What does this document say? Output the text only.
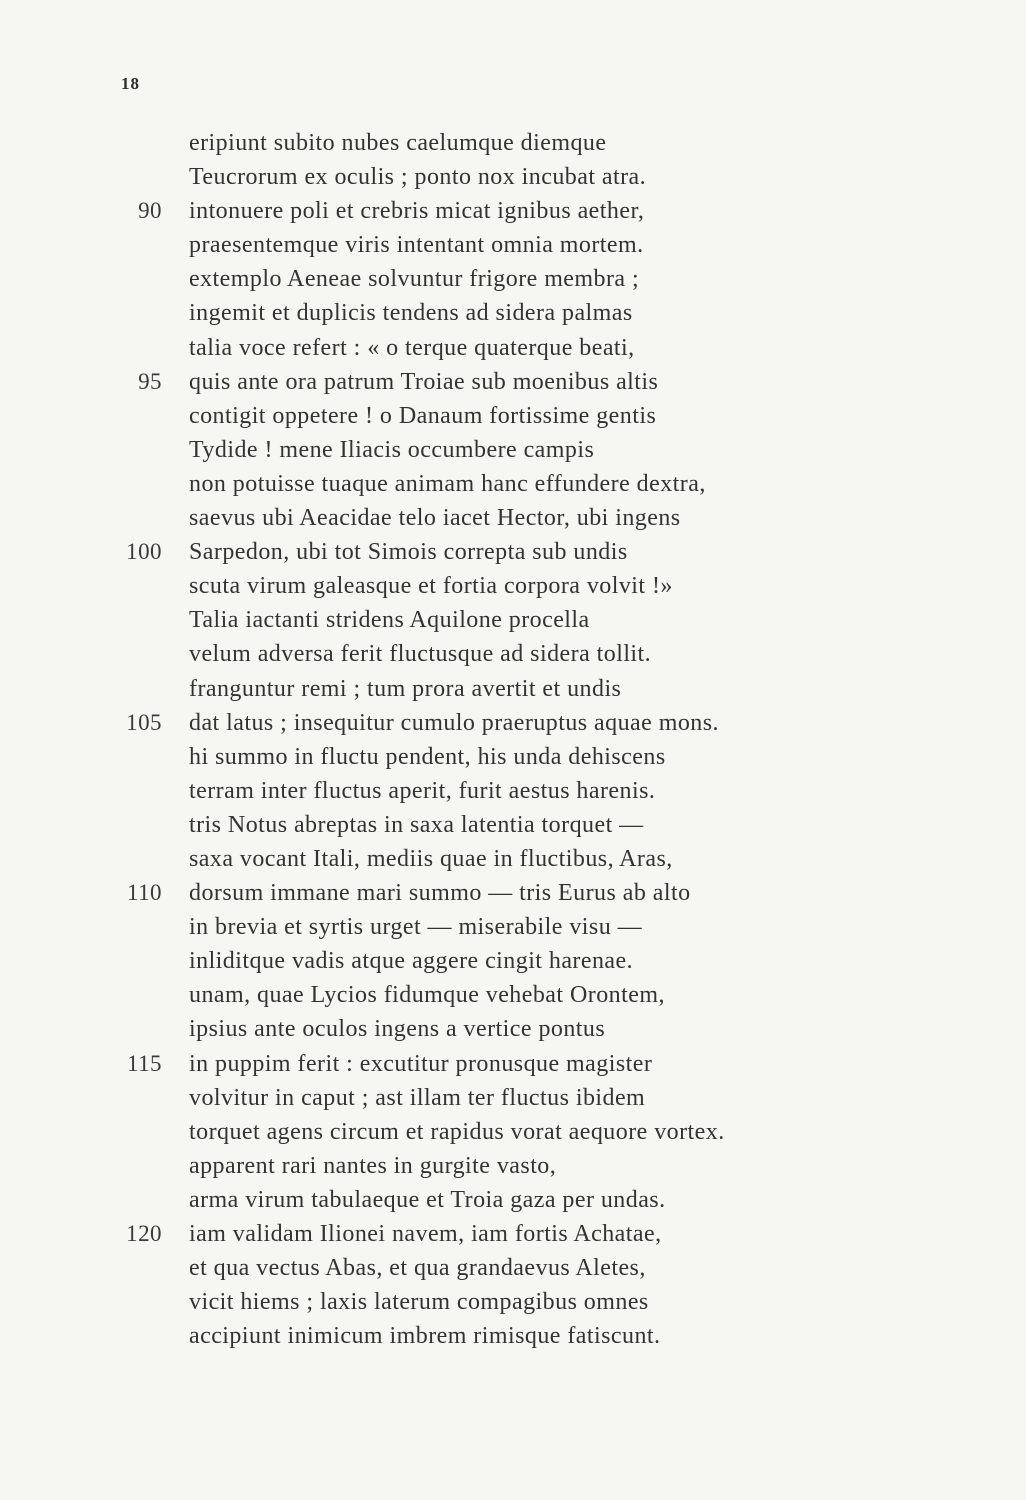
18
eripiunt subito nubes caelumque diemque
Teucrorum ex oculis ; ponto nox incubat atra.
90 intonuere poli et crebris micat ignibus aether,
praesentemque viris intentant omnia mortem.
extemplo Aeneae solvuntur frigore membra ;
ingemit et duplicis tendens ad sidera palmas
talia voce refert : « o terque quaterque beati,
95 quis ante ora patrum Troiae sub moenibus altis
contigit oppetere ! o Danaum fortissime gentis
Tydide ! mene Iliacis occumbere campis
non potuisse tuaque animam hanc effundere dextra,
saevus ubi Aeacidae telo iacet Hector, ubi ingens
100 Sarpedon, ubi tot Simois correpta sub undis
scuta virum galeasque et fortia corpora volvit !»
Talia iactanti stridens Aquilone procella
velum adversa ferit fluctusque ad sidera tollit.
franguntur remi ; tum prora avertit et undis
105 dat latus ; insequitur cumulo praeruptus aquae mons.
hi summo in fluctu pendent, his unda dehiscens
terram inter fluctus aperit, furit aestus harenis.
tris Notus abreptas in saxa latentia torquet —
saxa vocant Itali, mediis quae in fluctibus, Aras,
110 dorsum immane mari summo — tris Eurus ab alto
in brevia et syrtis urget — miserabile visu —
inliditque vadis atque aggere cingit harenae.
unam, quae Lycios fidumque vehebat Orontem,
ipsius ante oculos ingens a vertice pontus
115 in puppim ferit : excutitur pronusque magister
volvitur in caput ; ast illam ter fluctus ibidem
torquet agens circum et rapidus vorat aequore vortex.
apparent rari nantes in gurgite vasto,
arma virum tabulaeque et Troia gaza per undas.
120 iam validam Ilionei navem, iam fortis Achatae,
et qua vectus Abas, et qua grandaevus Aletes,
vicit hiems ; laxis laterum compagibus omnes
accipiunt inimicum imbrem rimisque fatiscunt.
